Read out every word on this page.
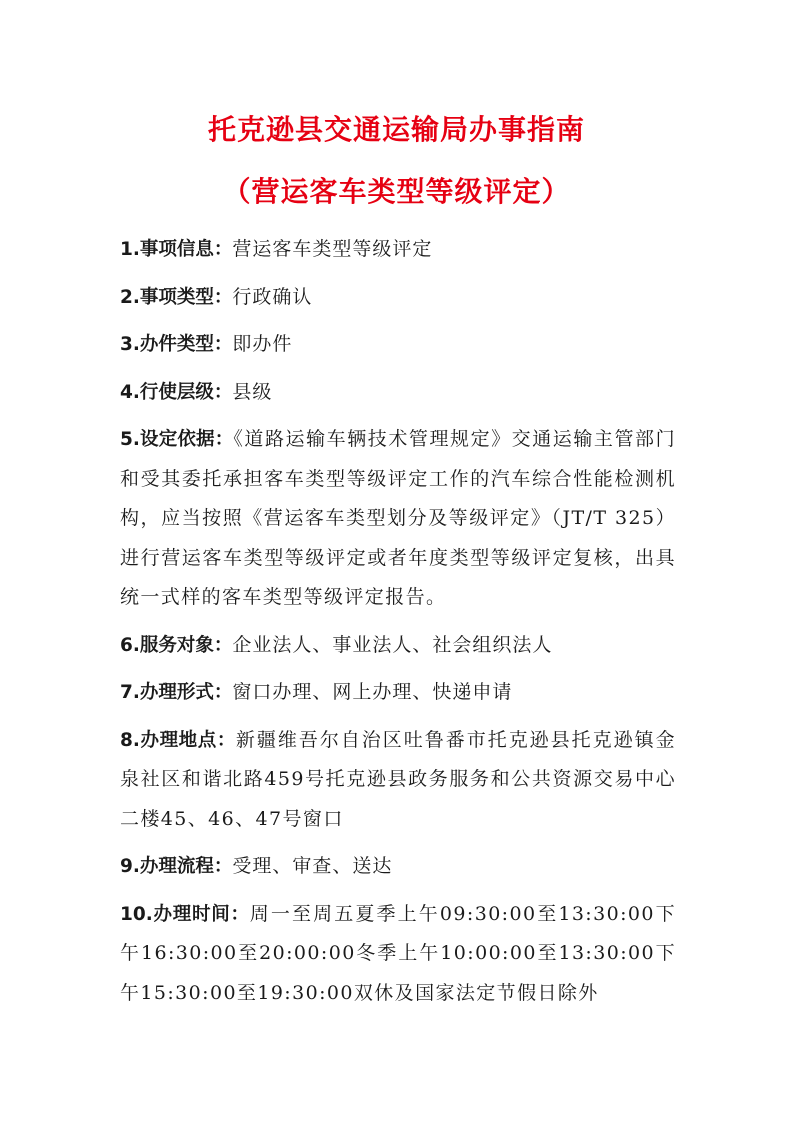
托克逊县交通运输局办事指南
（营运客车类型等级评定）

1.事项信息：营运客车类型等级评定

2.事项类型：行政确认

3.办件类型：即办件

4.行使层级：县级

5.设定依据：《道路运输车辆技术管理规定》交通运输主管部门和受其委托承担客车类型等级评定工作的汽车综合性能检测机构，应当按照《营运客车类型划分及等级评定》（JT/T 325）进行营运客车类型等级评定或者年度类型等级评定复核，出具统一式样的客车类型等级评定报告。

6.服务对象：企业法人、事业法人、社会组织法人

7.办理形式：窗口办理、网上办理、快递申请

8.办理地点：新疆维吾尔自治区吐鲁番市托克逊县托克逊镇金泉社区和谐北路459号托克逊县政务服务和公共资源交易中心二楼45、46、47号窗口

9.办理流程：受理、审查、送达

10.办理时间：周一至周五夏季上午09:30:00至13:30:00下午16:30:00至20:00:00冬季上午10:00:00至13:30:00下午15:30:00至19:30:00双休及国家法定节假日除外
